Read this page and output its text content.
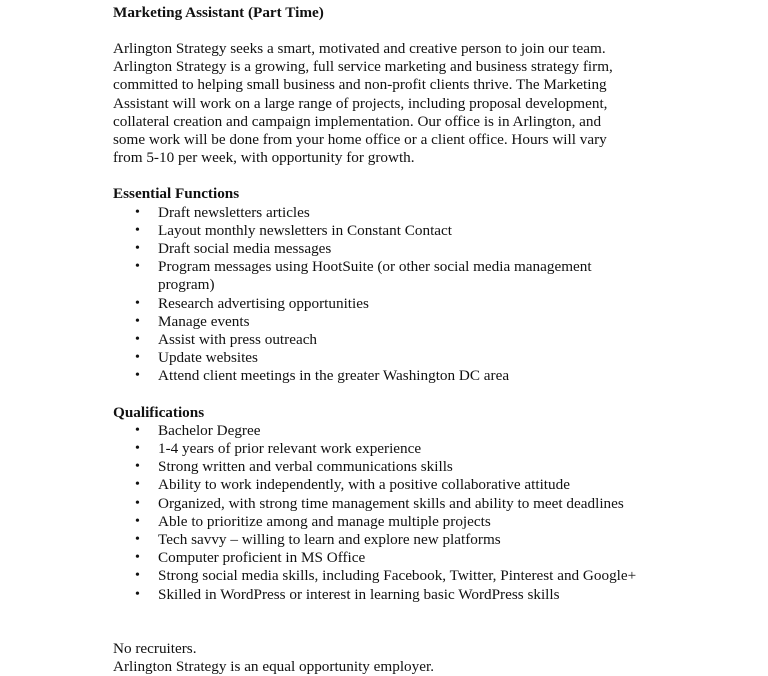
Marketing Assistant (Part Time)

Arlington Strategy seeks a smart, motivated and creative person to join our team.
Arlington Strategy is a growing, full service marketing and business strategy firm,
committed to helping small business and non-profit clients thrive. The Marketing
Assistant will work on a large range of projects, including proposal development,
collateral creation and campaign implementation. Our office is in Arlington, and
some work will be done from your home office or a client office. Hours will vary
from 5-10 per week, with opportunity for growth.

Essential Functions

• Draft newsletters articles
• Layout monthly newsletters in Constant Contact
• Draft social media messages
• Program messages using HootSuite (or other social media management program)
• Research advertising opportunities
• Manage events
• Assist with press outreach
• Update websites
• Attend client meetings in the greater Washington DC area

Qualifications

• Bachelor Degree
• 1-4 years of prior relevant work experience
• Strong written and verbal communications skills
• Ability to work independently, with a positive collaborative attitude
• Organized, with strong time management skills and ability to meet deadlines
• Able to prioritize among and manage multiple projects
• Tech savvy – willing to learn and explore new platforms
• Computer proficient in MS Office
• Strong social media skills, including Facebook, Twitter, Pinterest and Google+
• Skilled in WordPress or interest in learning basic WordPress skills

No recruiters.

Arlington Strategy is an equal opportunity employer.
